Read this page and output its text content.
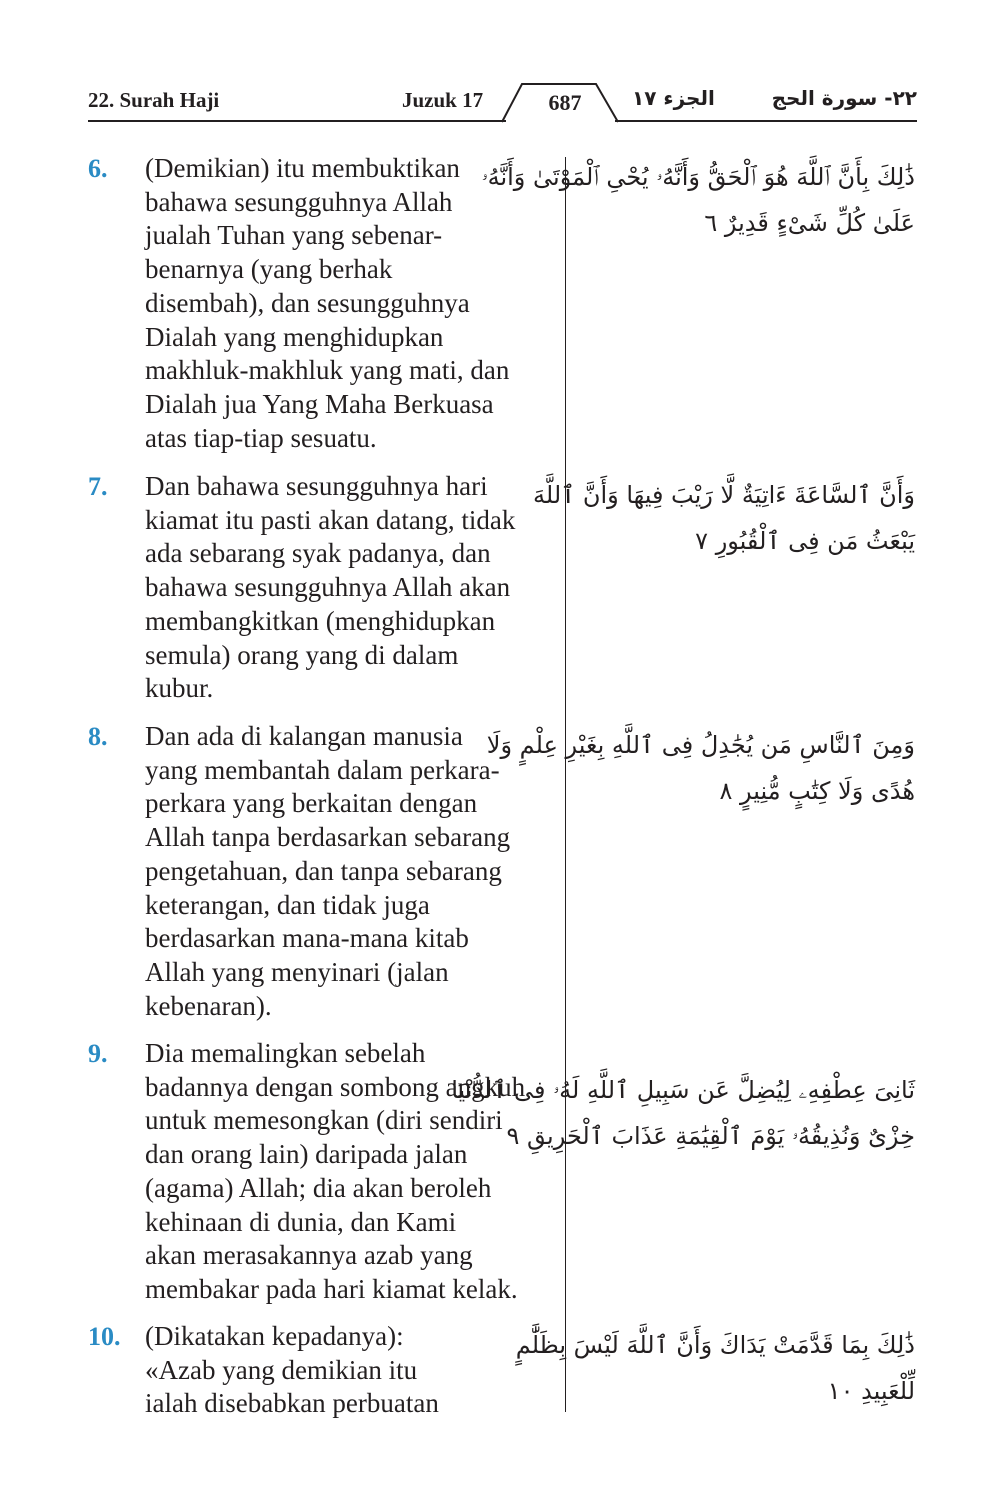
22. Surah Haji	Juzuk 17	687	الجزء ١٧	٢٢- سورة الحج
6.	(Demikian) itu membuktikan
bahawa sesungguhnya Allah
jualah Tuhan yang sebenar-
benarnya (yang berhak
disembah), dan sesungguhnya
Dialah yang menghidupkan
makhluk-makhluk yang mati, dan
Dialah jua Yang Maha Berkuasa
atas tiap-tiap sesuatu.

ذَٰلِكَ بِأَنَّ ٱللَّهَ هُوَ ٱلْحَقُّ وَأَنَّهُۥ يُحْىِ ٱلْمَوْتَىٰ وَأَنَّهُۥ
عَلَىٰ كُلِّ شَىْءٍ قَدِيرٌ ٦

7.	Dan bahawa sesungguhnya hari
kiamat itu pasti akan datang, tidak
ada sebarang syak padanya, dan
bahawa sesungguhnya Allah akan
membangkitkan (menghidupkan
semula) orang yang di dalam
kubur.

وَأَنَّ ٱلسَّاعَةَ ءَاتِيَةٌ لَّا رَيْبَ فِيهَا وَأَنَّ ٱللَّهَ
يَبْعَثُ مَن فِى ٱلْقُبُورِ ٧

8.	Dan ada di kalangan manusia
yang membantah dalam perkara-
perkara yang berkaitan dengan
Allah tanpa berdasarkan sebarang
pengetahuan, dan tanpa sebarang
keterangan, dan tidak juga
berdasarkan mana-mana kitab
Allah yang menyinari (jalan
kebenaran).

وَمِنَ ٱلنَّاسِ مَن يُجَٰدِلُ فِى ٱللَّهِ بِغَيْرِ عِلْمٍ وَلَا
هُدًى وَلَا كِتَٰبٍ مُّنِيرٍ ٨

9.	Dia memalingkan sebelah
badannya dengan sombong angkuh
untuk memesongkan (diri sendiri
dan orang lain) daripada jalan
(agama) Allah; dia akan beroleh
kehinaan di dunia, dan Kami
akan merasakannya azab yang
membakar pada hari kiamat kelak.

ثَانِىَ عِطْفِهِۦ لِيُضِلَّ عَن سَبِيلِ ٱللَّهِ لَهُۥ فِى ٱلدُّنْيَا
خِزْىٌ وَنُذِيقُهُۥ يَوْمَ ٱلْقِيَٰمَةِ عَذَابَ ٱلْحَرِيقِ ٩

10. (Dikatakan kepadanya):
«Azab yang demikian itu
ialah disebabkan perbuatan

ذَٰلِكَ بِمَا قَدَّمَتْ يَدَاكَ وَأَنَّ ٱللَّهَ لَيْسَ بِظَلَّٰمٍ
لِّلْعَبِيدِ ١٠
